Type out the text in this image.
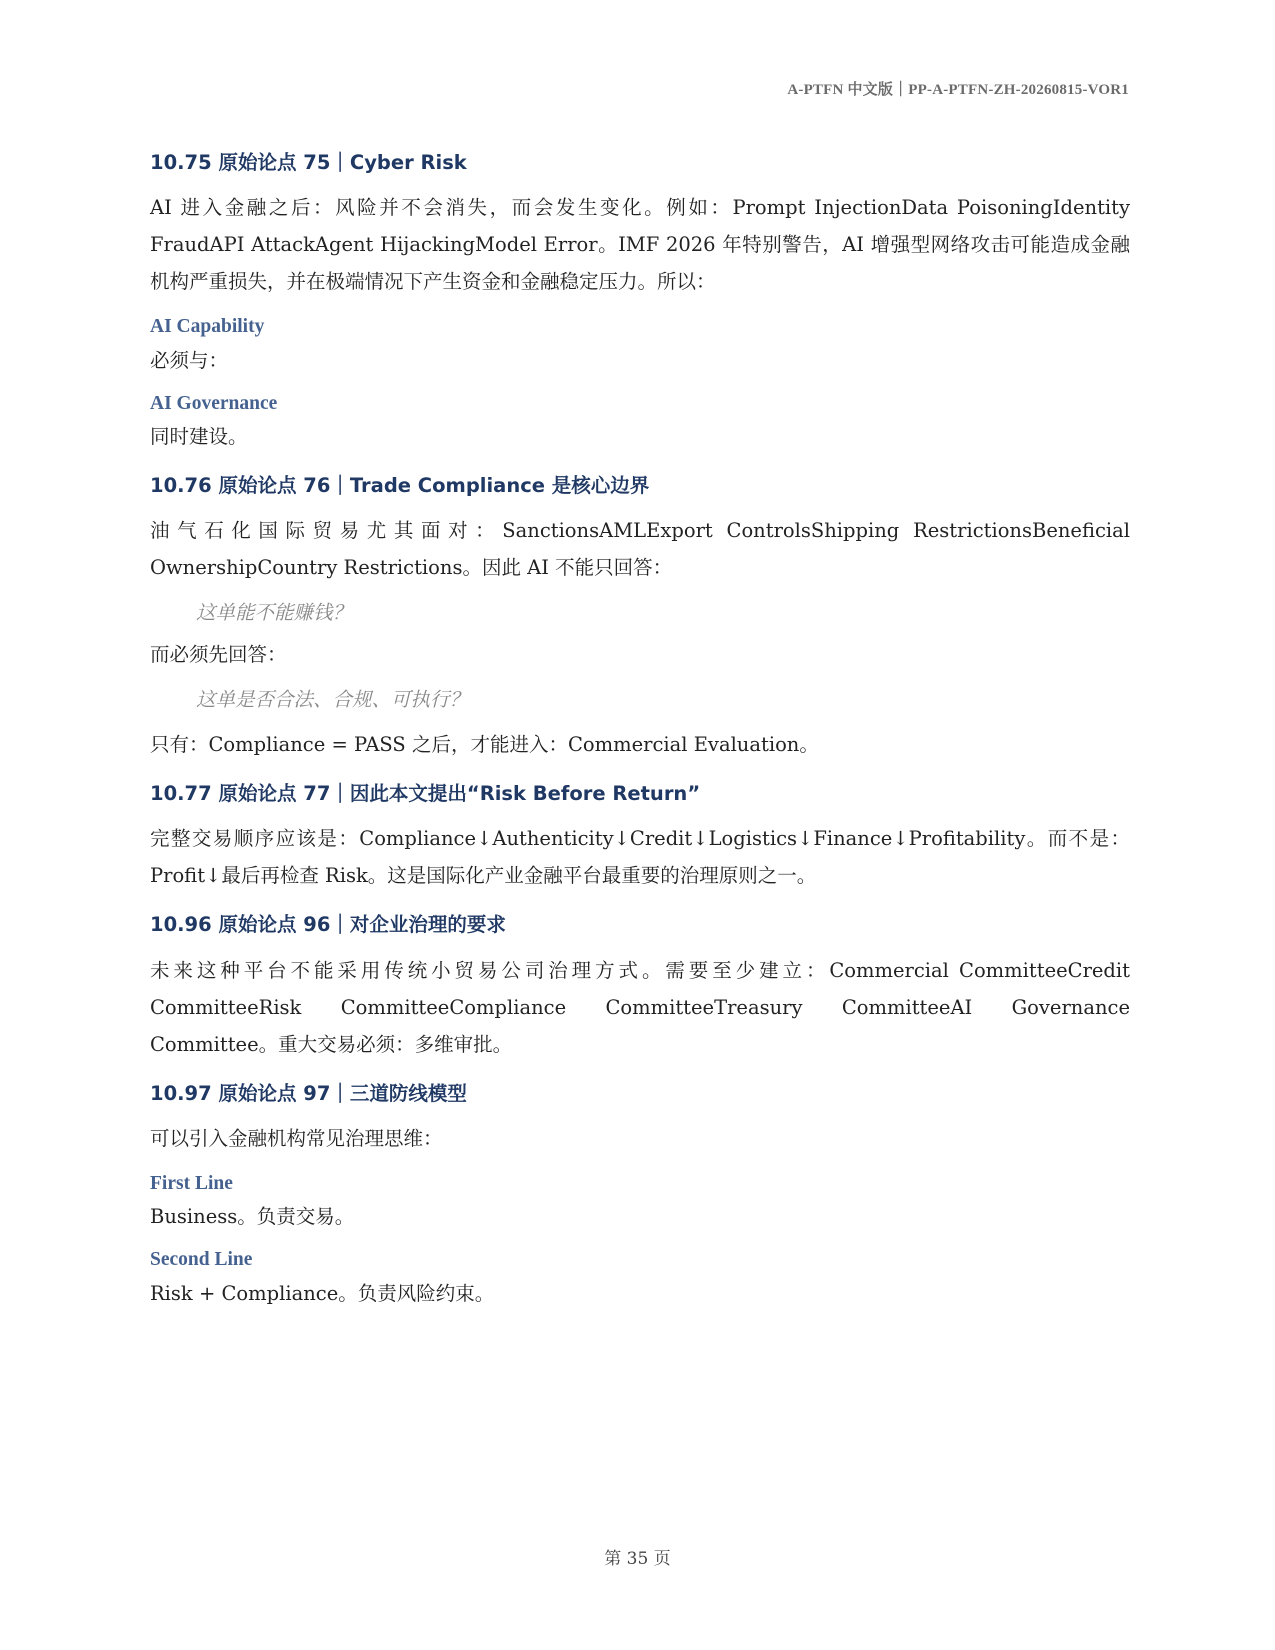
A-PTFN 中文版｜PP-A-PTFN-ZH-20260815-VOR1
10.75 原始论点 75｜Cyber Risk

AI 进入金融之后：风险并不会消失，而会发生变化。例如：Prompt InjectionData PoisoningIdentity FraudAPI AttackAgent HijackingModel Error。IMF 2026 年特别警告，AI 增强型网络攻击可能造成金融机构严重损失，并在极端情况下产生资金和金融稳定压力。所以：

AI Capability

必须与：

AI Governance

同时建设。

10.76 原始论点 76｜Trade Compliance 是核心边界

油气石化国际贸易尤其面对：SanctionsAMLExport ControlsShipping RestrictionsBeneficial OwnershipCountry Restrictions。因此 AI 不能只回答：

这单能不能赚钱？

而必须先回答：

这单是否合法、合规、可执行？

只有：Compliance = PASS 之后，才能进入：Commercial Evaluation。

10.77 原始论点 77｜因此本文提出“Risk Before Return”

完整交易顺序应该是：Compliance↓Authenticity↓Credit↓Logistics↓Finance↓Profitability。而不是：Profit↓最后再检查 Risk。这是国际化产业金融平台最重要的治理原则之一。

10.96 原始论点 96｜对企业治理的要求

未来这种平台不能采用传统小贸易公司治理方式。需要至少建立：Commercial CommitteeCredit CommitteeRisk CommitteeCompliance CommitteeTreasury CommitteeAI Governance Committee。重大交易必须：多维审批。

10.97 原始论点 97｜三道防线模型

可以引入金融机构常见治理思维：

First Line

Business。负责交易。

Second Line

Risk + Compliance。负责风险约束。

第 35 页
